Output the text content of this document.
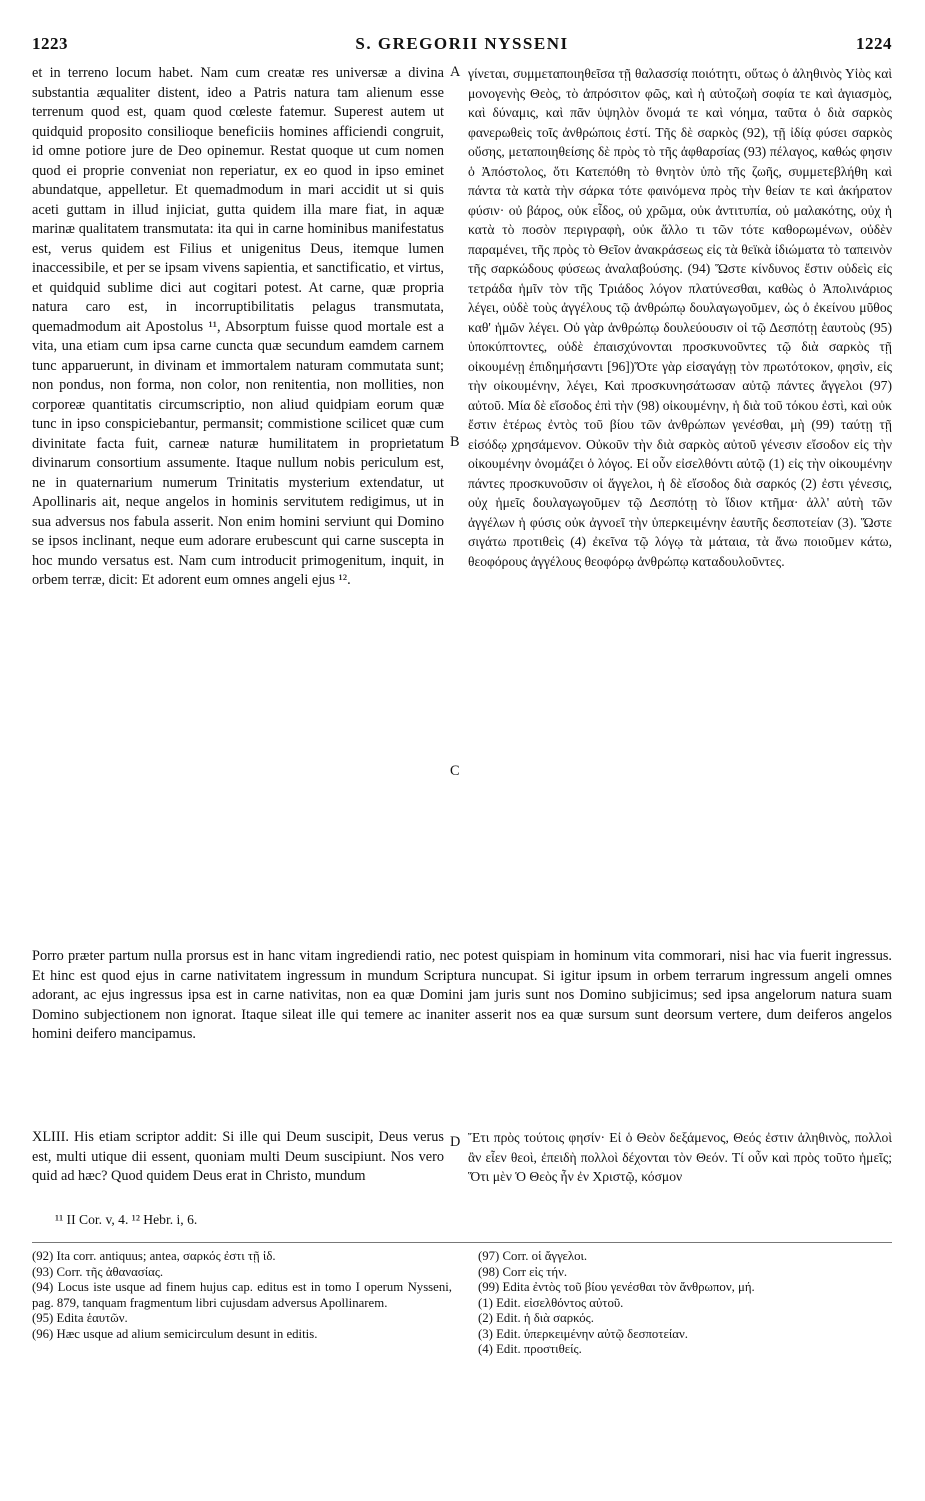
1223	S. GREGORII NYSSENI	1224

et in terreno locum habet. Nam cum creatæ res universæ a divina substantia æqualiter distent, ideo a Patris natura tam alienum esse terrenum quod est, quam quod cœleste fatemur. Superest autem ut quidquid proposito consilioque beneficiis homines afficiendi congruit, id omne potiore jure de Deo opinemur. Restat quoque ut cum nomen quod ei proprie conveniat non reperiatur, ex eo quod in ipso eminet abundatque, appelletur. Et quemadmodum in mari accidit ut si quis aceti guttam in illud injiciat, gutta quidem illa mare fiat, in aquæ marinæ qualitatem transmutata: ita qui in carne hominibus manifestatus est, verus quidem est Filius et unigenitus Deus, itemque lumen inaccessibile, et per se ipsam vivens sapientia, et sanctificatio, et virtus, et quidquid sublime dici aut cogitari potest. At carne, quæ propria natura caro est, in incorruptibilitatis pelagus transmutata, quemadmodum ait Apostolus ¹¹, Absorptum fuisse quod mortale est a vita, una etiam cum ipsa carne cuncta quæ secundum eamdem carnem tunc apparuerunt, in divinam et immortalem naturam commutata sunt; non pondus, non forma, non color, non renitentia, non mollities, non corporeæ quantitatis circumscriptio, non aliud quidpiam eorum quæ tunc in ipso conspiciebantur, permansit; commistione scilicet quæ cum divinitate facta fuit, carneæ naturæ humilitatem in proprietatum divinarum consortium assumente. Itaque nullum nobis periculum est, ne in quaternarium numerum Trinitatis mysterium extendatur, ut Apollinaris ait, neque angelos in hominis servitutem redigimus, ut in sua adversus nos fabula asserit. Non enim homini serviunt qui Domino se ipsos inclinant, neque eum adorare erubescunt qui carne suscepta in hoc mundo versatus est. Nam cum introducit primogenitum, inquit, in orbem terræ, dicit: Et adorent eum omnes angeli ejus ¹².

A
B
C
D

γίνεται, συμμεταποιηθεῖσα τῇ θαλασσίᾳ ποιότητι, οὕτως ὁ ἀληθινὸς Υἱὸς καὶ μονογενὴς Θεὸς, τὸ ἀπρόσιτον φῶς, καὶ ἡ αὐτοζωὴ σοφία τε καὶ ἁγιασμὸς, καὶ δύναμις, καὶ πᾶν ὑψηλὸν ὄνομά τε καὶ νόημα, ταῦτα ὁ διὰ σαρκὸς φανερωθεὶς τοῖς ἀνθρώποις ἐστί. Τῆς δὲ σαρκὸς (92), τῇ ἰδίᾳ φύσει σαρκὸς οὔσης, μεταποιηθείσης δὲ πρὸς τὸ τῆς ἀφθαρσίας (93) πέλαγος, καθώς φησιν ὁ Ἀπόστολος, ὅτι Κατεπόθη τὸ θνητὸν ὑπὸ τῆς ζωῆς, συμμετεβλήθη καὶ πάντα τὰ κατὰ τὴν σάρκα τότε φαινόμενα πρὸς τὴν θείαν τε καὶ ἀκήρατον φύσιν· οὐ βάρος, οὐκ εἶδος, οὐ χρῶμα, οὐκ ἀντιτυπία, οὐ μαλακότης, οὐχ ἡ κατὰ τὸ ποσὸν περιγραφὴ, οὐκ ἄλλο τι τῶν τότε καθορωμένων, οὐδὲν παραμένει, τῆς πρὸς τὸ Θεῖον ἀνακράσεως εἰς τὰ θεϊκὰ ἰδιώματα τὸ ταπεινὸν τῆς σαρκώδους φύσεως ἀναλαβούσης. (94) Ὥστε κίνδυνος ἔστιν οὐδεὶς εἰς τετράδα ἡμῖν τὸν τῆς Τριάδος λόγον πλατύνεσθαι, καθὼς ὁ Ἀπολινάριος λέγει, οὐδὲ τοὺς ἀγγέλους τῷ ἀνθρώπῳ δουλαγωγοῦμεν, ὡς ὁ ἐκείνου μῦθος καθ' ἡμῶν λέγει. Οὐ γὰρ ἀνθρώπῳ δουλεύουσιν οἱ τῷ Δεσπότῃ ἑαυτοὺς (95) ὑποκύπτοντες, οὐδὲ ἐπαισχύνονται προσκυνοῦντες τῷ διὰ σαρκὸς τῇ οἰκουμένῃ ἐπιδημήσαντι [96])Ὅτε γὰρ εἰσαγάγῃ τὸν πρωτότοκον, φησὶν, εἰς τὴν οἰκουμένην, λέγει, Καὶ προσκυνησάτωσαν αὐτῷ πάντες ἄγγελοι (97) αὐτοῦ. Μία δὲ εἴσοδος ἐπὶ τὴν (98) οἰκουμένην, ἡ διὰ τοῦ τόκου ἐστὶ, καὶ οὐκ ἔστιν ἑτέρως ἐντὸς τοῦ βίου τῶν ἀνθρώπων γενέσθαι, μὴ (99) ταύτῃ τῇ εἰσόδῳ χρησάμενον. Οὐκοῦν τὴν διὰ σαρκὸς αὐτοῦ γένεσιν εἴσοδον εἰς τὴν οἰκουμένην ὀνομάζει ὁ λόγος. Εἰ οὖν εἰσελθόντι αὐτῷ (1) εἰς τὴν οἰκουμένην πάντες προσκυνοῦσιν οἱ ἄγγελοι, ἡ δὲ εἴσοδος διὰ σαρκός (2) ἐστι γένεσις, οὐχ ἡμεῖς δουλαγωγοῦμεν τῷ Δεσπότῃ τὸ ἴδιον κτῆμα· ἀλλ' αὐτὴ τῶν ἀγγέλων ἡ φύσις οὐκ ἀγνοεῖ τὴν ὑπερκειμένην ἑαυτῆς δεσποτείαν (3). Ὥστε σιγάτω προτιθεὶς (4) ἐκεῖνα τῷ λόγῳ τὰ μάταια, τὰ ἄνω ποιοῦμεν κάτω, θεοφόρους ἀγγέλους θεοφόρῳ ἀνθρώπῳ καταδουλοῦντες.

Porro præter partum nulla prorsus est in hanc vitam ingrediendi ratio, nec potest quispiam in hominum vita commorari, nisi hac via fuerit ingressus. Et hinc est quod ejus in carne nativitatem ingressum in mundum Scriptura nuncupat. Si igitur ipsum in orbem terrarum ingressum angeli omnes adorant, ac ejus ingressus ipsa est in carne nativitas, non ea quæ Domini jam juris sunt nos Domino subjicimus; sed ipsa angelorum natura suam Domino subjectionem non ignorat. Itaque sileat ille qui temere ac inaniter asserit nos ea quæ sursum sunt deorsum vertere, dum deiferos angelos homini deifero mancipamus.

XLIII. His etiam scriptor addit: Si ille qui Deum suscipit, Deus verus est, multi utique dii essent, quoniam multi Deum suscipiunt. Nos vero quid ad hæc? Quod quidem Deus erat in Christo, mundum

Ἔτι πρὸς τούτοις φησίν· Εἰ ὁ Θεὸν δεξάμενος, Θεός ἐστιν ἀληθινὸς, πολλοὶ ἂν εἶεν θεοὶ, ἐπειδὴ πολλοὶ δέχονται τὸν Θεόν. Τί οὖν καὶ πρὸς τοῦτο ἡμεῖς; Ὅτι μὲν Ὁ Θεὸς ἦν ἐν Χριστῷ, κόσμον

¹¹ II Cor. v, 4. ¹² Hebr. i, 6.
(92) Ita corr. antiquus; antea, σαρκός ἐστι τῇ ἰδ.
(93) Corr. τῆς ἀθανασίας.
(94) Locus iste usque ad finem hujus cap. editus est in tomo I operum Nysseni, pag. 879, tanquam fragmentum libri cujusdam adversus Apollinarem.
(95) Edita ἑαυτῶν.
(96) Hæc usque ad alium semicirculum desunt in editis.
(97) Corr. οἱ ἄγγελοι.
(98) Corr εἰς τήν.
(99) Edita ἐντὸς τοῦ βίου γενέσθαι τὸν ἄνθρωπον, μή.
(1) Edit. εἰσελθόντος αὐτοῦ.
(2) Edit. ἡ διὰ σαρκός.
(3) Edit. ὑπερκειμένην αὐτῷ δεσποτείαν.
(4) Edit. προστιθείς.
